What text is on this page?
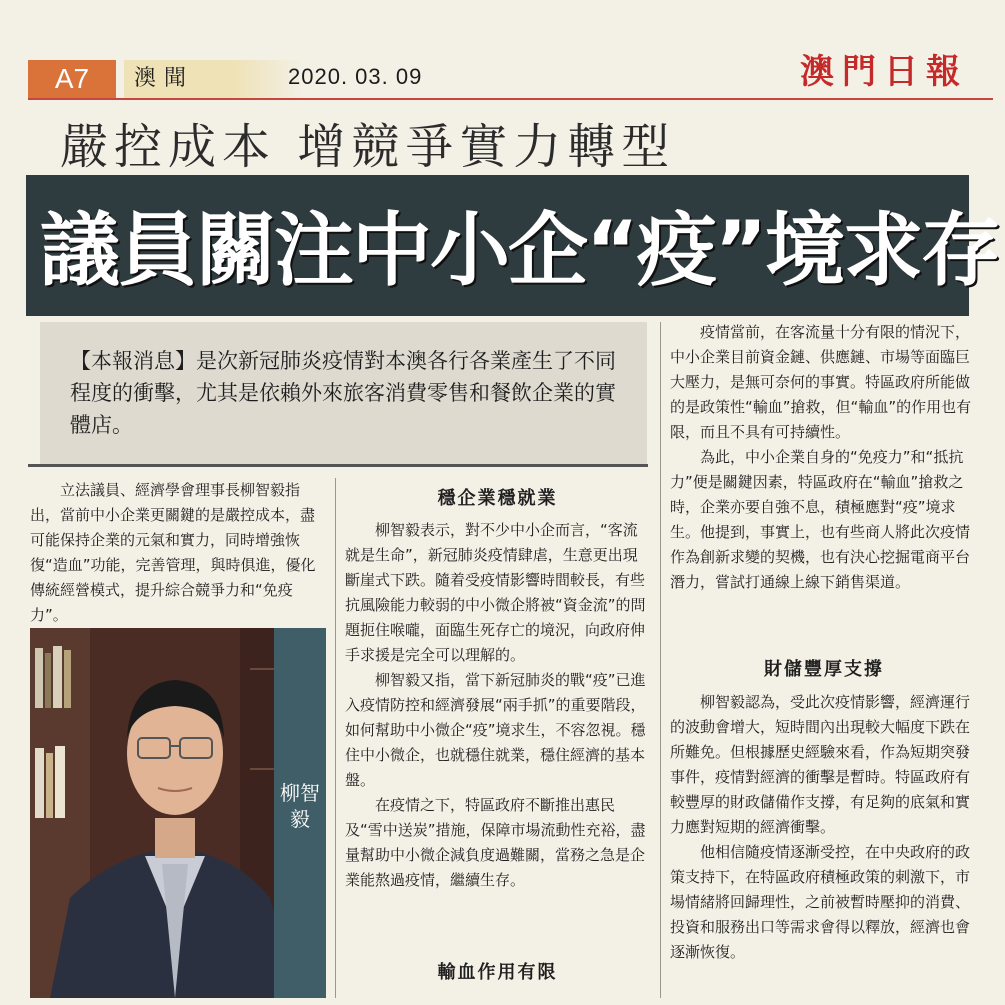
A7	澳聞	2020. 03. 09	澳門日報
嚴控成本 增競爭實力轉型
議員關注中小企“疫”境求存
【本報消息】是次新冠肺炎疫情對本澳各行各業產生了不同程度的衝擊，尤其是依賴外來旅客消費零售和餐飲企業的實體店。

立法議員、經濟學會理事長柳智毅指出，當前中小企業更關鍵的是嚴控成本，盡可能保持企業的元氣和實力，同時增強恢復“造血”功能，完善管理，與時俱進，優化傳統經營模式，提升綜合競爭力和“免疫力”。

柳智毅
穩企業穩就業

柳智毅表示，對不少中小企而言，“客流就是生命”，新冠肺炎疫情肆虐，生意更出現斷崖式下跌。隨着受疫情影響時間較長，有些抗風險能力較弱的中小微企將被“資金流”的問題扼住喉嚨，面臨生死存亡的境況，向政府伸手求援是完全可以理解的。

柳智毅又指，當下新冠肺炎的戰“疫”已進入疫情防控和經濟發展“兩手抓”的重要階段，如何幫助中小微企“疫”境求生，不容忽視。穩住中小微企，也就穩住就業，穩住經濟的基本盤。

在疫情之下，特區政府不斷推出惠民及“雪中送炭”措施，保障市場流動性充裕，盡量幫助中小微企減負度過難關，當務之急是企業能熬過疫情，繼續生存。

輸血作用有限

疫情當前，在客流量十分有限的情況下，中小企業目前資金鏈、供應鏈、市場等面臨巨大壓力，是無可奈何的事實。特區政府所能做的是政策性“輸血”搶救，但“輸血”的作用也有限，而且不具有可持續性。

為此，中小企業自身的“免疫力”和“抵抗力”便是關鍵因素，特區政府在“輸血”搶救之時，企業亦要自強不息，積極應對“疫”境求生。他提到，事實上，也有些商人將此次疫情作為創新求變的契機，也有決心挖掘電商平台潛力，嘗試打通線上線下銷售渠道。

財儲豐厚支撐

柳智毅認為，受此次疫情影響，經濟運行的波動會增大，短時間內出現較大幅度下跌在所難免。但根據歷史經驗來看，作為短期突發事件，疫情對經濟的衝擊是暫時。特區政府有較豐厚的財政儲備作支撐，有足夠的底氣和實力應對短期的經濟衝擊。

他相信隨疫情逐漸受控，在中央政府的政策支持下，在特區政府積極政策的刺激下，市場情緒將回歸理性，之前被暫時壓抑的消費、投資和服務出口等需求會得以釋放，經濟也會逐漸恢復。
